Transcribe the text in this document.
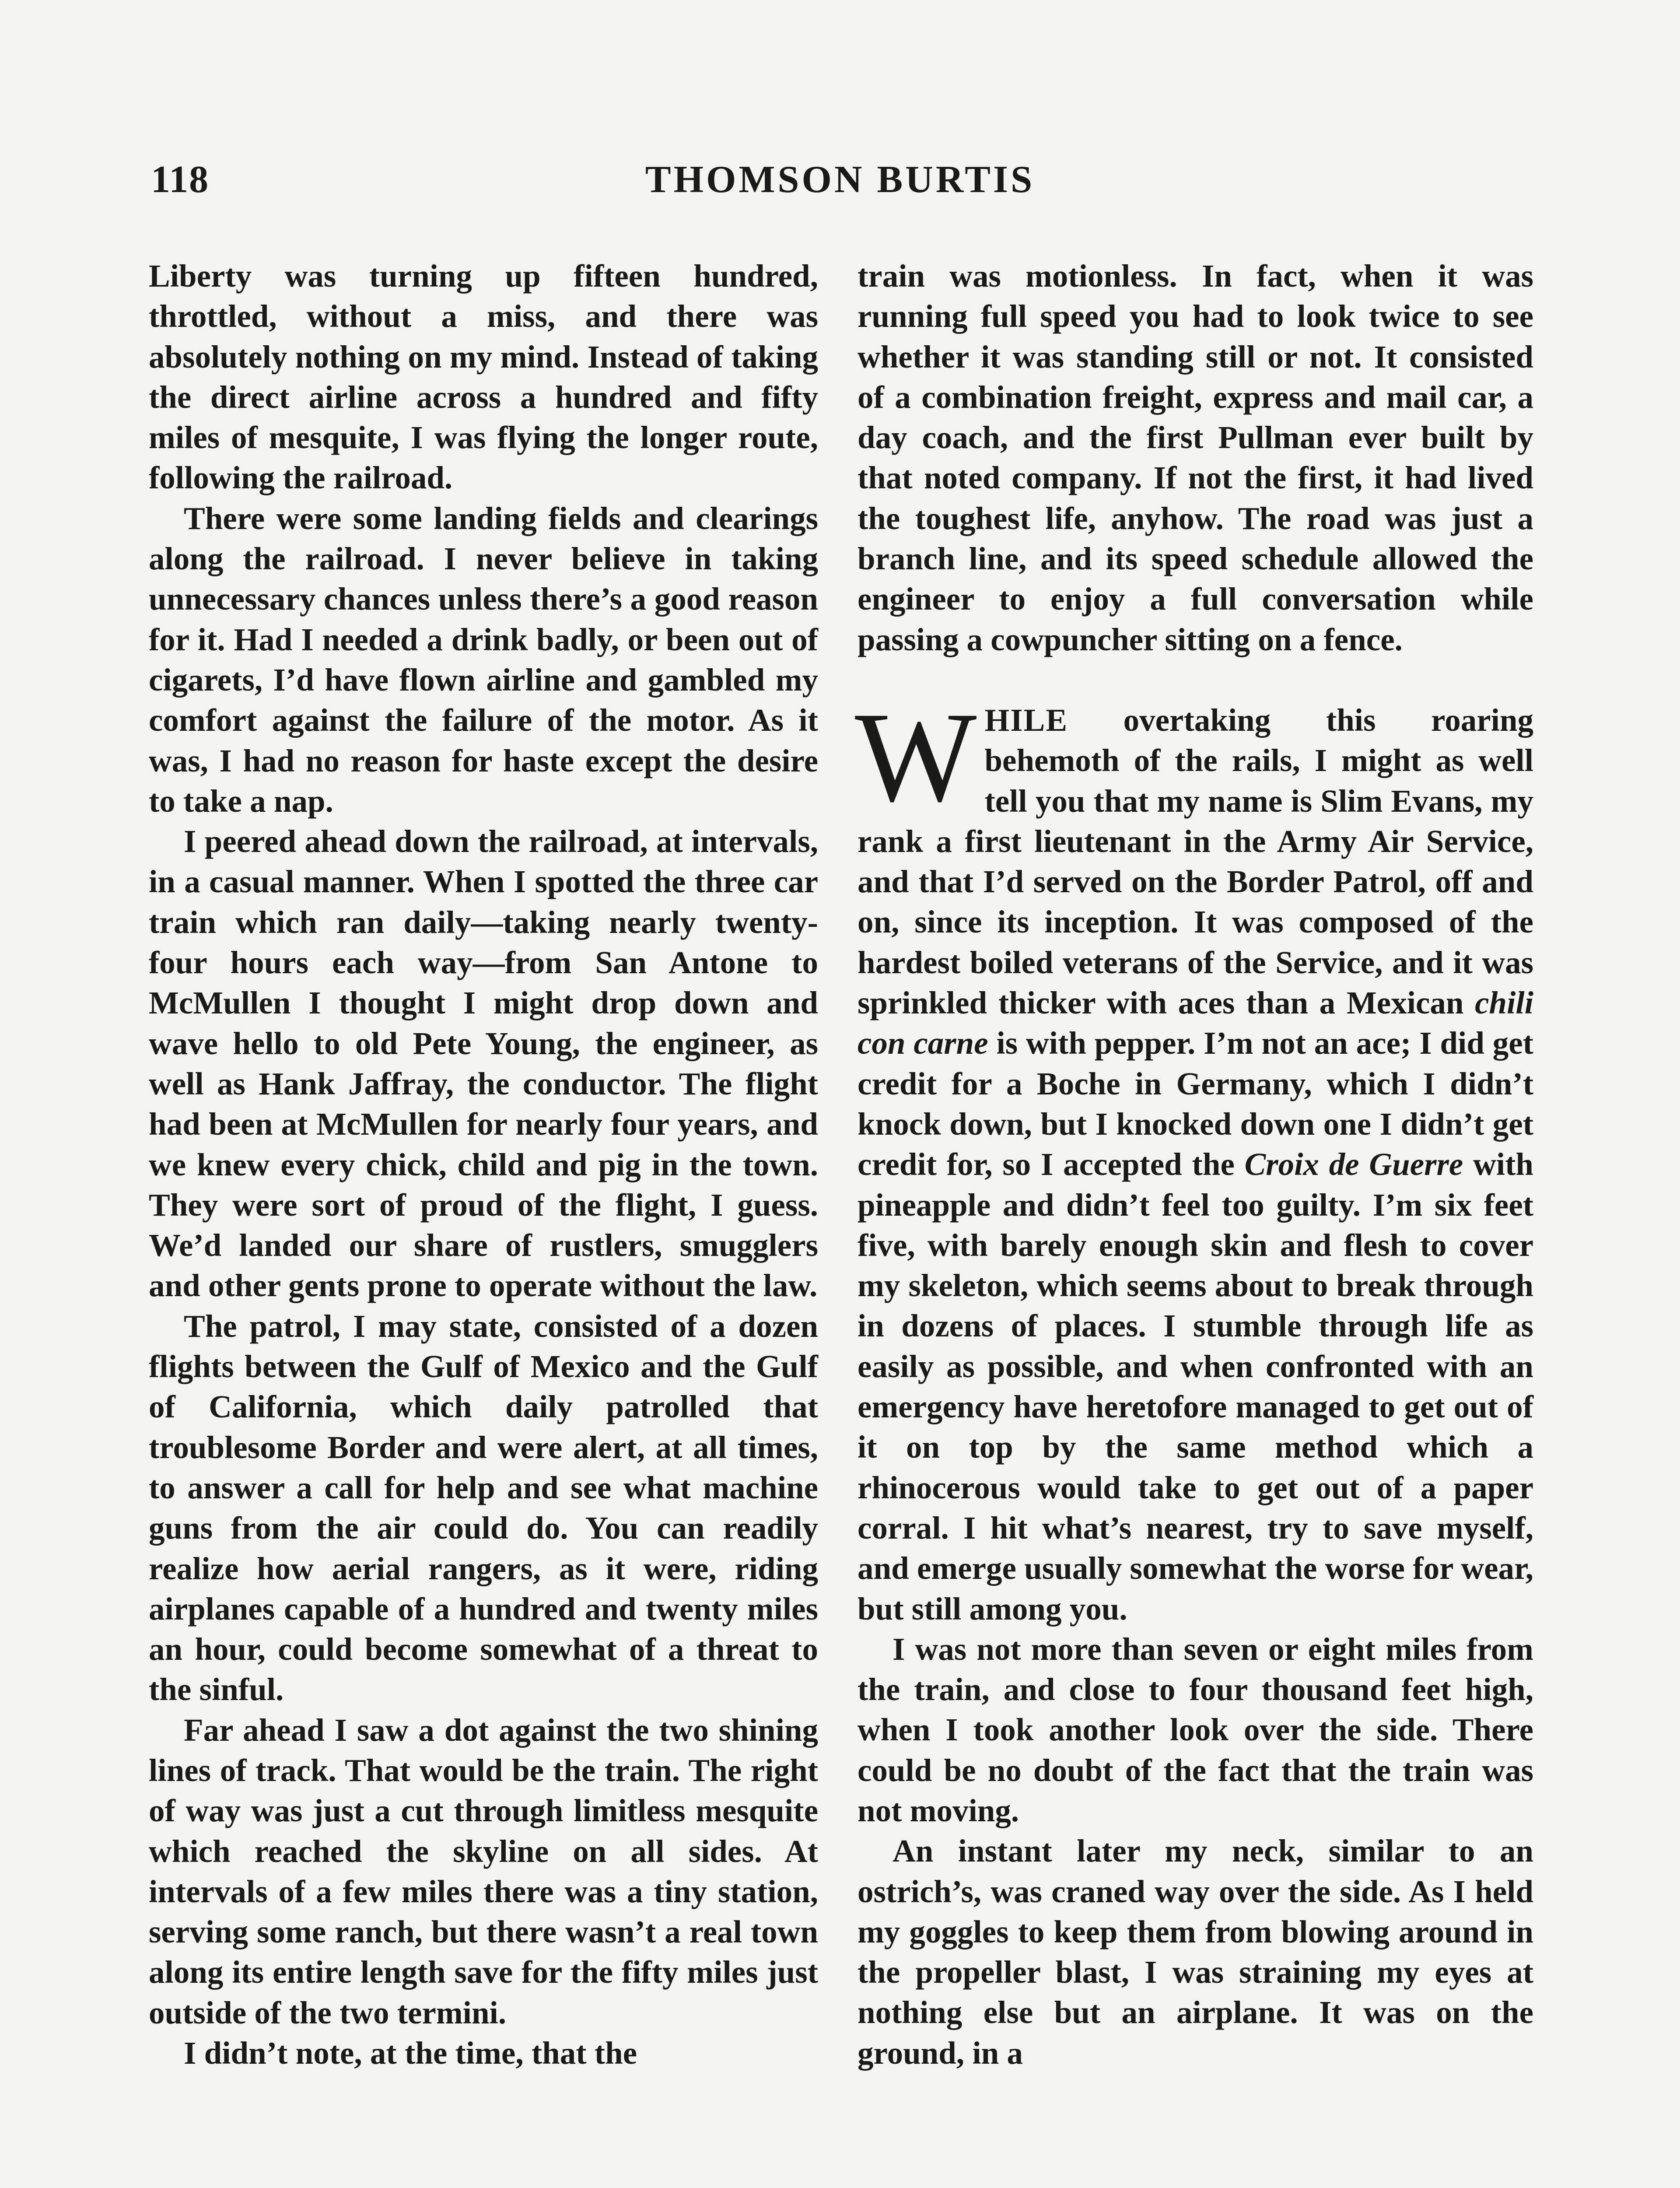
118	THOMSON BURTIS

Liberty was turning up fifteen hundred, throttled, without a miss, and there was absolutely nothing on my mind. Instead of taking the direct airline across a hundred and fifty miles of mesquite, I was flying the longer route, following the railroad.

There were some landing fields and clearings along the railroad. I never believe in taking unnecessary chances unless there’s a good reason for it. Had I needed a drink badly, or been out of cigarets, I’d have flown airline and gambled my comfort against the failure of the motor. As it was, I had no reason for haste except the desire to take a nap.

I peered ahead down the railroad, at intervals, in a casual manner. When I spotted the three car train which ran daily—taking nearly twenty-four hours each way—from San Antone to McMullen I thought I might drop down and wave hello to old Pete Young, the engineer, as well as Hank Jaffray, the conductor. The flight had been at McMullen for nearly four years, and we knew every chick, child and pig in the town. They were sort of proud of the flight, I guess. We’d landed our share of rustlers, smugglers and other gents prone to operate without the law.

The patrol, I may state, consisted of a dozen flights between the Gulf of Mexico and the Gulf of California, which daily patrolled that troublesome Border and were alert, at all times, to answer a call for help and see what machine guns from the air could do. You can readily realize how aerial rangers, as it were, riding airplanes capable of a hundred and twenty miles an hour, could become somewhat of a threat to the sinful.

Far ahead I saw a dot against the two shining lines of track. That would be the train. The right of way was just a cut through limitless mesquite which reached the skyline on all sides. At intervals of a few miles there was a tiny station, serving some ranch, but there wasn’t a real town along its entire length save for the fifty miles just outside of the two termini.

I didn’t note, at the time, that the

train was motionless. In fact, when it was running full speed you had to look twice to see whether it was standing still or not. It consisted of a combination freight, express and mail car, a day coach, and the first Pullman ever built by that noted company. If not the first, it had lived the toughest life, anyhow. The road was just a branch line, and its speed schedule allowed the engineer to enjoy a full conversation while passing a cowpuncher sitting on a fence.

WHILE overtaking this roaring behemoth of the rails, I might as well tell you that my name is Slim Evans, my rank a first lieutenant in the Army Air Service, and that I’d served on the Border Patrol, off and on, since its inception. It was composed of the hardest boiled veterans of the Service, and it was sprinkled thicker with aces than a Mexican chili con carne is with pepper. I’m not an ace; I did get credit for a Boche in Germany, which I didn’t knock down, but I knocked down one I didn’t get credit for, so I accepted the Croix de Guerre with pineapple and didn’t feel too guilty. I’m six feet five, with barely enough skin and flesh to cover my skeleton, which seems about to break through in dozens of places. I stumble through life as easily as possible, and when confronted with an emergency have heretofore managed to get out of it on top by the same method which a rhinocerous would take to get out of a paper corral. I hit what’s nearest, try to save myself, and emerge usually somewhat the worse for wear, but still among you.

I was not more than seven or eight miles from the train, and close to four thousand feet high, when I took another look over the side. There could be no doubt of the fact that the train was not moving.

An instant later my neck, similar to an ostrich’s, was craned way over the side. As I held my goggles to keep them from blowing around in the propeller blast, I was straining my eyes at nothing else but an airplane. It was on the ground, in a
